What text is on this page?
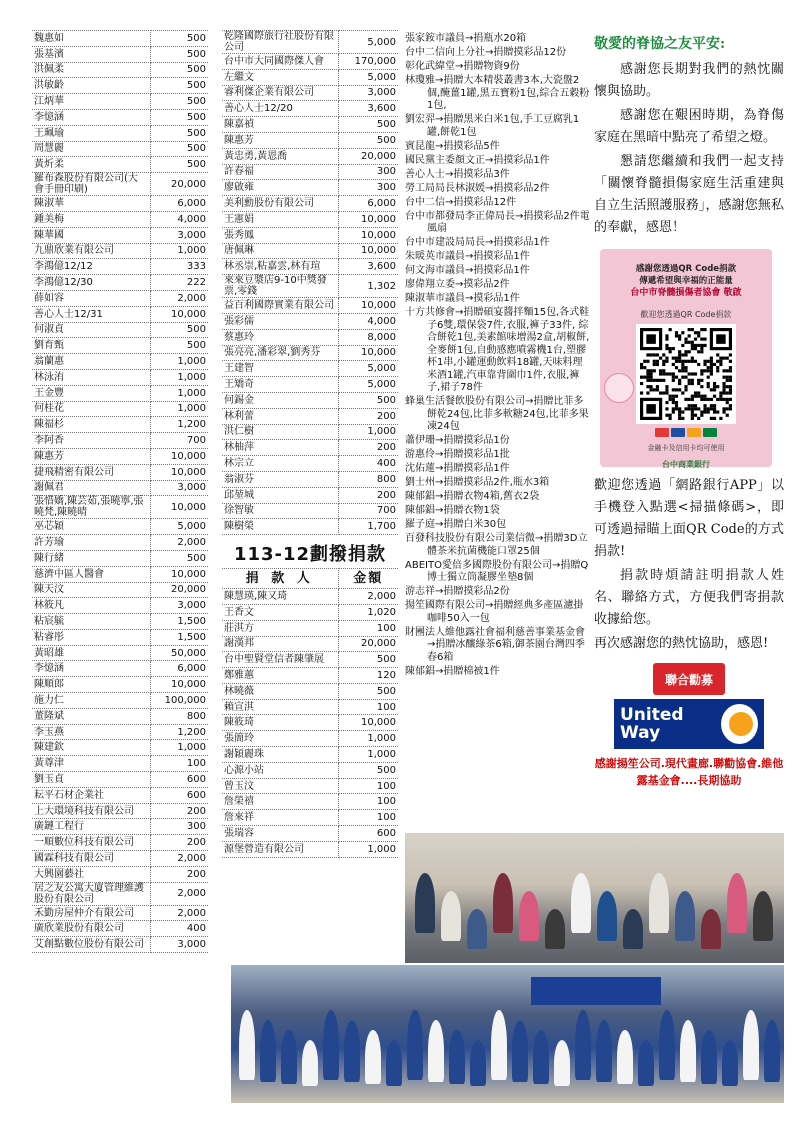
魏惠如	500
張基濱	500
洪佩柔	500
洪敏齡	500
江炳華	500
李憶涵	500
王珮瑜	500
周慧麗	500
黃炘柔	500
羅布森股份有限公司(大會手冊印刷)	20,000
陳淑華	6,000
鍾美梅	4,000
陳華國	3,000
九鼎欣業有限公司	1,000
李鴻億12/12	333
李鴻億12/30	222
薛如容	2,000
善心人士12/31	10,000
何淑貞	500
劉育甄	500
翁蘭惠	1,000
林泳洧	1,000
王金豐	1,000
何桂花	1,000
陳福杉	1,200
李阿香	700
陳惠芳	10,000
捷飛精密有限公司	10,000
謝佩君	3,000
張惜嬌,陳芸茹,張曉寧,張曉梵,陳曉晴	10,000
巫芯穎	5,000
許芳瑜	2,000
陳行緒	500
慈濟中區人醫會	10,000
陳天汶	20,000
林筱凡	3,000
粘宸毓	1,500
粘睿彤	1,500
黃昭雄	50,000
李憶涵	6,000
陳順郎	10,000
施力仁	100,000
董隆斌	800
李玉燕	1,200
陳建欽	1,000
黃尊津	100
劉玉貞	600
耘平石材企業社	600
上大環境科技有限公司	200
廣鏈工程行	300
一順數位科技有限公司	200
國霖科技有限公司	2,000
大興園藝社	200
居之友公寓大廈管理維護股份有限公司	2,000
禾勤房屋仲介有限公司	2,000
廣欣業股份有限公司	400
艾創點數位股份有限公司	3,000
乾隆國際旅行社股份有限公司	5,000
台中市大同國際傑人會	170,000
左繼文	5,000
睿利傑企業有限公司	3,000
善心人士12/20	3,600
陳嘉禎	500
陳惠芳	500
黃忠勇,黃恩喬	20,000
許春福	300
廖啟雍	300
美利勳股份有限公司	6,000
王憲娟	10,000
張秀鳳	10,000
唐佩琳	10,000
林丞崇,粘嘉雲,林有瑄	3,600
來來豆漿店9-10中獎發票,零錢	1,302
益百利國際實業有限公司	10,000
張彩儒	4,000
蔡惠玲	8,000
張亮亮,潘彩翠,劉秀芬	10,000
王建智	5,000
王矯奇	5,000
何錫金	500
林利蕾	200
洪仁樹	1,000
林柚萍	200
林宗立	400
翁淑芬	800
邱堃城	200
徐智敏	700
陳樹榮	1,700
113-12劃撥捐款
捐 款 人	金額
陳慧瑛,陳又琦	2,000
王香文	1,020
莊淇方	100
謝漢邦	20,000
台中聖賢堂信者陳肇展	500
鄭雅蕙	120
林曉薇	500
賴宣淇	100
陳筱琦	10,000
張簡玲	1,000
謝穎麗珠	1,000
心源小站	500
曾玉汶	100
詹榮禧	100
詹來祥	100
張瑞容	600
源堡營造有限公司	1,000
張家銨市議員→捐瓶水20箱
台中二信向上分社→捐贈摸彩品12份
彰化武緯堂→捐贈物資9份
林瓊雅→捐贈大本精裝叢書3本,大瓷盤2個,醃薑1罐,黑五寶粉1包,綜合五穀粉1包,
劉宏羿→捐贈黑米白米1包,手工豆腐乳1罐,餅乾1包
賓昆龍→捐摸彩品5件
國民黨主委顏文正→捐摸彩品1件
善心人士→捐摸彩品3件
勞工局局長林淑媛→捐摸彩品2件
台中二信→捐摸彩品12件
台中市都發局李正偉局長→捐摸彩品2件電風扇
台中市建設局局長→捐摸彩品1件
朱暖英市議員→捐摸彩品1件
何文海市議員→捐摸彩品1件
廖偉翔立委→摸彩品2件
陳淑華市議員→摸彩品1件
十方共修會→捐贈碩宴醬拌麵15包,各式鞋子6雙,環保袋7件,衣服,褲子33件, 綜合餅乾1包,美素館味增湯2盒,胡椒餅,全麥餅1包,自動感應噴霧機1台,塑膠杯1串,小罐運動飲料18罐,天味料理米酒1罐,汽車靠背圍巾1件,衣服,褲子,裙子78件
蜂巢生活餐飲股份有限公司→捐贈比菲多餅乾24包,比菲多軟糖24包,比菲多果凍24包
蕭伊珊→捐贈摸彩品1份
游惠伶→捐贈摸彩品1批
沈佑蓮→捐贈摸彩品1件
劉士州→捐贈摸彩品2件,瓶水3箱
陳郁錩→捐贈衣物4箱,舊衣2袋
陳郁錩→捐贈衣物1袋
羅子庭→捐贈白米30包
百發科技股份有限公司業信微→捐贈3D立體茶米抗菌機能口罩25個
ABEITO愛倍多國際股份有限公司→捐贈Q博士獨立筒凝膠坐墊8個
游志祥→捐贈摸彩品2份
揚笙國際有限公司→捐贈經典多產區濾掛咖啡50入一包
財團法人維他露社會福利慈善事業基金會→捐贈冰釀綠茶6箱,御茶園台灣四季春6箱
陳郁錩→捐贈棉被1件
敬愛的脊協之友平安:

感謝您長期對我們的熱忱關懷與協助。

感謝您在艱困時期，為脊傷家庭在黑暗中點亮了希望之燈。

懇請您繼續和我們一起支持「關懷脊髓損傷家庭生活重建與自立生活照護服務」，感謝您無私的奉獻，感恩！

感謝您透過QR Code捐款
傳遞希望與幸福的正能量
台中市脊髓損傷者協會 敬啟
歡迎您透過QR Code捐款
金融卡及信用卡均可使用
台中商業銀行

歡迎您透過「網路銀行APP」以手機登入點選<掃描條碼>，即可透過掃瞄上面QR Code的方式捐款!

捐款時煩請註明捐款人姓名、聯絡方式，方便我們寄捐款收據給您。

再次感謝您的熱忱協助，感恩!

聯合勸募
United Way
感謝揚笙公司.現代畫廊.聯勸協會.維他露基金會....長期協助
